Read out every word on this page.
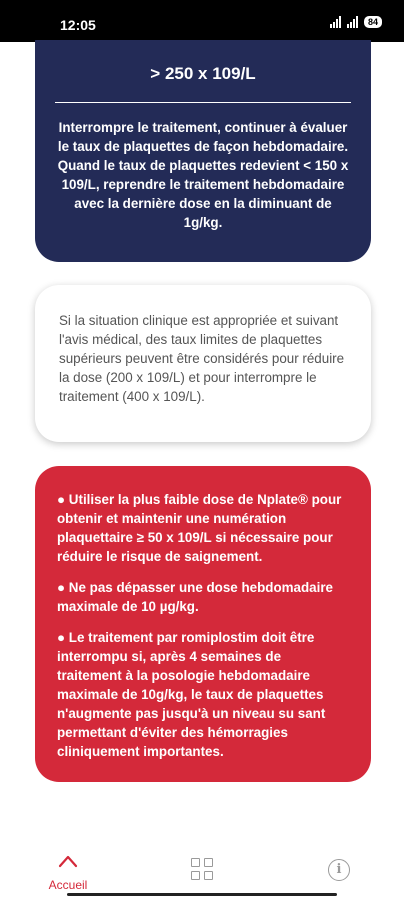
12:05	84
> 250 x 109/L
Interrompre le traitement, continuer à évaluer le taux de plaquettes de façon hebdomadaire. Quand le taux de plaquettes redevient < 150 x 109/L, reprendre le traitement hebdomadaire avec la dernière dose en la diminuant de 1g/kg.
Si la situation clinique est appropriée et suivant l'avis médical, des taux limites de plaquettes supérieurs peuvent être considérés pour réduire la dose (200 x 109/L) et pour interrompre le traitement (400 x 109/L).
● Utiliser la plus faible dose de Nplate® pour obtenir et maintenir une numération plaquettaire ≥ 50 x 109/L si nécessaire pour réduire le risque de saignement.
● Ne pas dépasser une dose hebdomadaire maximale de 10 µg/kg.
● Le traitement par romiplostim doit être interrompu si, après 4 semaines de traitement à la posologie hebdomadaire maximale de 10g/kg, le taux de plaquettes n'augmente pas jusqu'à un niveau su sant permettant d'éviter des hémorragies cliniquement importantes.
Accueil
i
